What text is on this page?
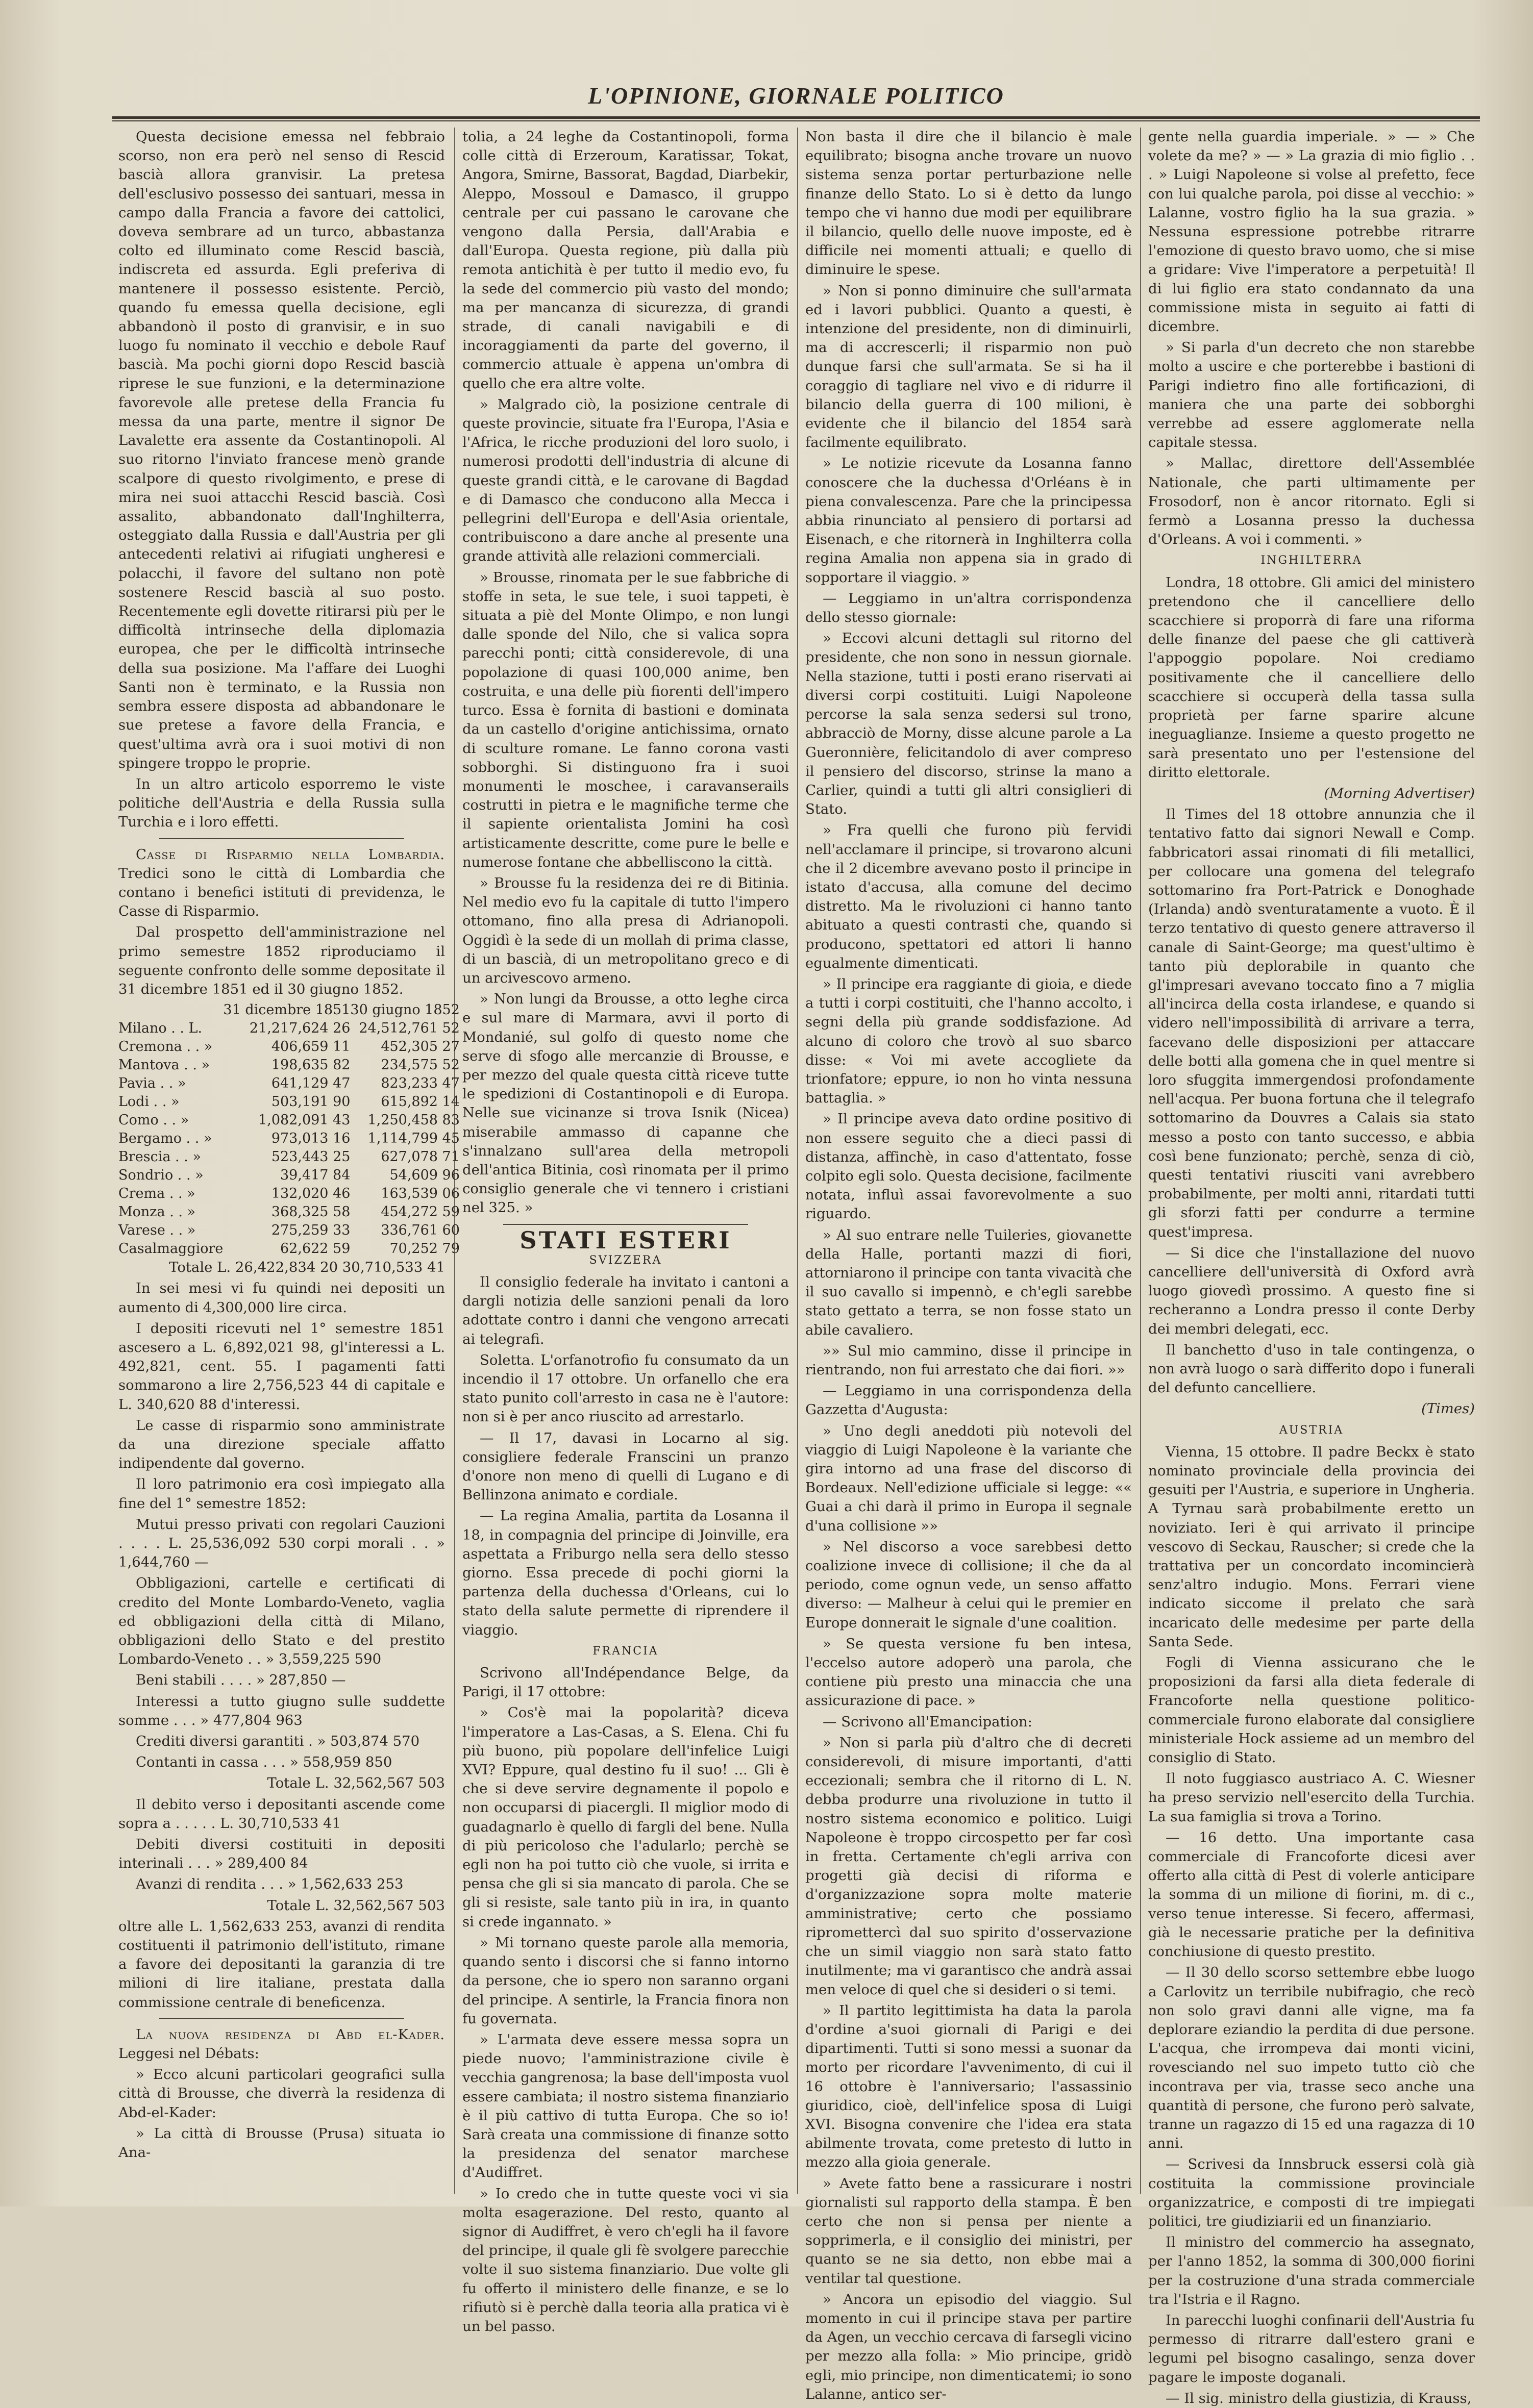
L'OPINIONE, GIORNALE POLITICO

Questa decisione emessa nel febbraio scorso, non era però nel senso di Rescid bascià allora granvisir. La pretesa dell'esclusivo possesso dei santuari, messa in campo dalla Francia a favore dei cattolici, doveva sembrare ad un turco, abbastanza colto ed illuminato come Rescid bascià, indiscreta ed assurda. Egli preferiva di mantenere il possesso esistente. Perciò, quando fu emessa quella decisione, egli abbandonò il posto di granvisir, e in suo luogo fu nominato il vecchio e debole Rauf bascià. Ma pochi giorni dopo Rescid bascià riprese le sue funzioni, e la determinazione favorevole alle pretese della Francia fu messa da una parte, mentre il signor De Lavalette era assente da Costantinopoli. Al suo ritorno l'inviato francese menò grande scalpore di questo rivolgimento, e prese di mira nei suoi attacchi Rescid bascià. Così assalito, abbandonato dall'Inghilterra, osteggiato dalla Russia e dall'Austria per gli antecedenti relativi ai rifugiati ungheresi e polacchi, il favore del sultano non potè sostenere Rescid bascià al suo posto. Recentemente egli dovette ritirarsi più per le difficoltà intrinseche della diplomazia europea, che per le difficoltà intrinseche della sua posizione. Ma l'affare dei Luoghi Santi non è terminato, e la Russia non sembra essere disposta ad abbandonare le sue pretese a favore della Francia, e quest'ultima avrà ora i suoi motivi di non spingere troppo le proprie.

In un altro articolo esporremo le viste politiche dell'Austria e della Russia sulla Turchia e i loro effetti.

Casse di Risparmio nella Lombardia. Tredici sono le città di Lombardia che contano i benefici istituti di previdenza, le Casse di Risparmio.

Dal prospetto dell'amministrazione nel primo semestre 1852 riproduciamo il seguente confronto delle somme depositate il 31 dicembre 1851 ed il 30 giugno 1852.

	31 dicembre 1851	30 giugno 1852
Milano . . L.	21,217,624 26	24,512,761 52
Cremona . . »	406,659 11	452,305 27
Mantova . . »	198,635 82	234,575 52
Pavia . . »	641,129 47	823,233 47
Lodi . . »	503,191 90	615,892 14
Como . . »	1,082,091 43	1,250,458 83
Bergamo . . »	973,013 16	1,114,799 45
Brescia . . »	523,443 25	627,078 71
Sondrio . . »	39,417 84	54,609 96
Crema . . »	132,020 46	163,539 06
Monza . . »	368,325 58	454,272 59
Varese . . »	275,259 33	336,761 60
Casalmaggiore	62,622 59	70,252 79

Totale L. 26,422,834 20 30,710,533 41

In sei mesi vi fu quindi nei depositi un aumento di 4,300,000 lire circa.

I depositi ricevuti nel 1° semestre 1851 ascesero a L. 6,892,021 98, gl'interessi a L. 492,821, cent. 55. I pagamenti fatti sommarono a lire 2,756,523 44 di capitale e L. 340,620 88 d'interessi.

Le casse di risparmio sono amministrate da una direzione speciale affatto indipendente dal governo.

Il loro patrimonio era così impiegato alla fine del 1° semestre 1852:

Mutui presso privati con regolari Cauzioni . . . . L. 25,536,092 530 corpi morali . . » 1,644,760 —

Obbligazioni, cartelle e certificati di credito del Monte Lombardo-Veneto, vaglia ed obbligazioni della città di Milano, obbligazioni dello Stato e del prestito Lombardo-Veneto . . » 3,559,225 590

Beni stabili . . . . » 287,850 —

Interessi a tutto giugno sulle suddette somme . . . » 477,804 963

Crediti diversi garantiti . » 503,874 570

Contanti in cassa . . . » 558,959 850

Totale L. 32,562,567 503

Il debito verso i depositanti ascende come sopra a . . . . . L. 30,710,533 41

Debiti diversi costituiti in depositi interinali . . . » 289,400 84

Avanzi di rendita . . . » 1,562,633 253

Totale L. 32,562,567 503

oltre alle L. 1,562,633 253, avanzi di rendita costituenti il patrimonio dell'istituto, rimane a favore dei depositanti la garanzia di tre milioni di lire italiane, prestata dalla commissione centrale di beneficenza.

La nuova residenza di Abd el-Kader. Leggesi nel Débats:

» Ecco alcuni particolari geografici sulla città di Brousse, che diverrà la residenza di Abd-el-Kader:

» La città di Brousse (Prusa) situata io Ana-

tolia, a 24 leghe da Costantinopoli, forma colle città di Erzeroum, Karatissar, Tokat, Angora, Smirne, Bassorat, Bagdad, Diarbekir, Aleppo, Mossoul e Damasco, il gruppo centrale per cui passano le carovane che vengono dalla Persia, dall'Arabia e dall'Europa. Questa regione, più dalla più remota antichità è per tutto il medio evo, fu la sede del commercio più vasto del mondo; ma per mancanza di sicurezza, di grandi strade, di canali navigabili e di incoraggiamenti da parte del governo, il commercio attuale è appena un'ombra di quello che era altre volte.

» Malgrado ciò, la posizione centrale di queste provincie, situate fra l'Europa, l'Asia e l'Africa, le ricche produzioni del loro suolo, i numerosi prodotti dell'industria di alcune di queste grandi città, e le carovane di Bagdad e di Damasco che conducono alla Mecca i pellegrini dell'Europa e dell'Asia orientale, contribuiscono a dare anche al presente una grande attività alle relazioni commerciali.

» Brousse, rinomata per le sue fabbriche di stoffe in seta, le sue tele, i suoi tappeti, è situata a piè del Monte Olimpo, e non lungi dalle sponde del Nilo, che si valica sopra parecchi ponti; città considerevole, di una popolazione di quasi 100,000 anime, ben costruita, e una delle più fiorenti dell'impero turco. Essa è fornita di bastioni e dominata da un castello d'origine antichissima, ornato di sculture romane. Le fanno corona vasti sobborghi. Si distinguono fra i suoi monumenti le moschee, i caravanserails costrutti in pietra e le magnifiche terme che il sapiente orientalista Jomini ha così artisticamente descritte, come pure le belle e numerose fontane che abbelliscono la città.

» Brousse fu la residenza dei re di Bitinia. Nel medio evo fu la capitale di tutto l'impero ottomano, fino alla presa di Adrianopoli. Oggidì è la sede di un mollah di prima classe, di un bascià, di un metropolitano greco e di un arcivescovo armeno.

» Non lungi da Brousse, a otto leghe circa e sul mare di Marmara, avvi il porto di Mondanié, sul golfo di questo nome che serve di sfogo alle mercanzie di Brousse, e per mezzo del quale questa città riceve tutte le spedizioni di Costantinopoli e di Europa. Nelle sue vicinanze si trova Isnik (Nicea) miserabile ammasso di capanne che s'innalzano sull'area della metropoli dell'antica Bitinia, così rinomata per il primo consiglio generale che vi tennero i cristiani nel 325. »

STATI ESTERI
SVIZZERA

Il consiglio federale ha invitato i cantoni a dargli notizia delle sanzioni penali da loro adottate contro i danni che vengono arrecati ai telegrafi.

Soletta. L'orfanotrofio fu consumato da un incendio il 17 ottobre. Un orfanello che era stato punito coll'arresto in casa ne è l'autore: non si è per anco riuscito ad arrestarlo.

— Il 17, davasi in Locarno al sig. consigliere federale Franscini un pranzo d'onore non meno di quelli di Lugano e di Bellinzona animato e cordiale.

— La regina Amalia, partita da Losanna il 18, in compagnia del principe di Joinville, era aspettata a Friburgo nella sera dello stesso giorno. Essa precede di pochi giorni la partenza della duchessa d'Orleans, cui lo stato della salute permette di riprendere il viaggio.

FRANCIA

Scrivono all'Indépendance Belge, da Parigi, il 17 ottobre:

» Cos'è mai la popolarità? diceva l'imperatore a Las-Casas, a S. Elena. Chi fu più buono, più popolare dell'infelice Luigi XVI? Eppure, qual destino fu il suo! ... Gli è che si deve servire degnamente il popolo e non occuparsi di piacergli. Il miglior modo di guadagnarlo è quello di fargli del bene. Nulla di più pericoloso che l'adularlo; perchè se egli non ha poi tutto ciò che vuole, si irrita e pensa che gli si sia mancato di parola. Che se gli si resiste, sale tanto più in ira, in quanto si crede ingannato. »

» Mi tornano queste parole alla memoria, quando sento i discorsi che si fanno intorno da persone, che io spero non saranno organi del principe. A sentirle, la Francia finora non fu governata.

» L'armata deve essere messa sopra un piede nuovo; l'amministrazione civile è vecchia gangrenosa; la base dell'imposta vuol essere cambiata; il nostro sistema finanziario è il più cattivo di tutta Europa. Che so io! Sarà creata una commissione di finanze sotto la presidenza del senator marchese d'Audiffret.

» Io credo che in tutte queste voci vi sia molta esagerazione. Del resto, quanto al signor di Audiffret, è vero ch'egli ha il favore del principe, il quale gli fè svolgere parecchie volte il suo sistema finanziario. Due volte gli fu offerto il ministero delle finanze, e se lo rifiutò si è perchè dalla teoria alla pratica vi è un bel passo.

Non basta il dire che il bilancio è male equilibrato; bisogna anche trovare un nuovo sistema senza portar perturbazione nelle finanze dello Stato. Lo si è detto da lungo tempo che vi hanno due modi per equilibrare il bilancio, quello delle nuove imposte, ed è difficile nei momenti attuali; e quello di diminuire le spese.

» Non si ponno diminuire che sull'armata ed i lavori pubblici. Quanto a questi, è intenzione del presidente, non di diminuirli, ma di accrescerli; il risparmio non può dunque farsi che sull'armata. Se si ha il coraggio di tagliare nel vivo e di ridurre il bilancio della guerra di 100 milioni, è evidente che il bilancio del 1854 sarà facilmente equilibrato.

» Le notizie ricevute da Losanna fanno conoscere che la duchessa d'Orléans è in piena convalescenza. Pare che la principessa abbia rinunciato al pensiero di portarsi ad Eisenach, e che ritornerà in Inghilterra colla regina Amalia non appena sia in grado di sopportare il viaggio. »

— Leggiamo in un'altra corrispondenza dello stesso giornale:

» Eccovi alcuni dettagli sul ritorno del presidente, che non sono in nessun giornale. Nella stazione, tutti i posti erano riservati ai diversi corpi costituiti. Luigi Napoleone percorse la sala senza sedersi sul trono, abbracciò de Morny, disse alcune parole a La Gueronnière, felicitandolo di aver compreso il pensiero del discorso, strinse la mano a Carlier, quindi a tutti gli altri consiglieri di Stato.

» Fra quelli che furono più fervidi nell'acclamare il principe, si trovarono alcuni che il 2 dicembre avevano posto il principe in istato d'accusa, alla comune del decimo distretto. Ma le rivoluzioni ci hanno tanto abituato a questi contrasti che, quando si producono, spettatori ed attori li hanno egualmente dimenticati.

» Il principe era raggiante di gioia, e diede a tutti i corpi costituiti, che l'hanno accolto, i segni della più grande soddisfazione. Ad alcuno di coloro che trovò al suo sbarco disse: « Voi mi avete accogliete da trionfatore; eppure, io non ho vinta nessuna battaglia. »

» Il principe aveva dato ordine positivo di non essere seguito che a dieci passi di distanza, affinchè, in caso d'attentato, fosse colpito egli solo. Questa decisione, facilmente notata, influì assai favorevolmente a suo riguardo.

» Al suo entrare nelle Tuileries, giovanette della Halle, portanti mazzi di fiori, attorniarono il principe con tanta vivacità che il suo cavallo si impennò, e ch'egli sarebbe stato gettato a terra, se non fosse stato un abile cavaliero.

»» Sul mio cammino, disse il principe in rientrando, non fui arrestato che dai fiori. »»

— Leggiamo in una corrispondenza della Gazzetta d'Augusta:

» Uno degli aneddoti più notevoli del viaggio di Luigi Napoleone è la variante che gira intorno ad una frase del discorso di Bordeaux. Nell'edizione ufficiale si legge: «« Guai a chi darà il primo in Europa il segnale d'una collisione »»

» Nel discorso a voce sarebbesi detto coalizione invece di collisione; il che da al periodo, come ognun vede, un senso affatto diverso: — Malheur à celui qui le premier en Europe donnerait le signale d'une coalition.

» Se questa versione fu ben intesa, l'eccelso autore adoperò una parola, che contiene più presto una minaccia che una assicurazione di pace. »

— Scrivono all'Emancipation:

» Non si parla più d'altro che di decreti considerevoli, di misure importanti, d'atti eccezionali; sembra che il ritorno di L. N. debba produrre una rivoluzione in tutto il nostro sistema economico e politico. Luigi Napoleone è troppo circospetto per far così in fretta. Certamente ch'egli arriva con progetti già decisi di riforma e d'organizzazione sopra molte materie amministrative; certo che possiamo ripromettercì dal suo spirito d'osservazione che un simil viaggio non sarà stato fatto inutilmente; ma vi garantisco che andrà assai men veloce di quel che si desideri o si temi.

» Il partito legittimista ha data la parola d'ordine a'suoi giornali di Parigi e dei dipartimenti. Tutti si sono messi a suonar da morto per ricordare l'avvenimento, di cui il 16 ottobre è l'anniversario; l'assassinio giuridico, cioè, dell'infelice sposa di Luigi XVI. Bisogna convenire che l'idea era stata abilmente trovata, come pretesto di lutto in mezzo alla gioia generale.

» Avete fatto bene a rassicurare i nostri giornalisti sul rapporto della stampa. È ben certo che non si pensa per niente a sopprimerla, e il consiglio dei ministri, per quanto se ne sia detto, non ebbe mai a ventilar tal questione.

» Ancora un episodio del viaggio. Sul momento in cui il principe stava per partire da Agen, un vecchio cercava di farsegli vicino per mezzo alla folla: » Mio principe, gridò egli, mio principe, non dimenticatemi; io sono Lalanne, antico ser-

gente nella guardia imperiale. » — » Che volete da me? » — » La grazia di mio figlio . . . » Luigi Napoleone si volse al prefetto, fece con lui qualche parola, poi disse al vecchio: » Lalanne, vostro figlio ha la sua grazia. » Nessuna espressione potrebbe ritrarre l'emozione di questo bravo uomo, che si mise a gridare: Vive l'imperatore a perpetuità! Il di lui figlio era stato condannato da una commissione mista in seguito ai fatti di dicembre.

» Si parla d'un decreto che non starebbe molto a uscire e che porterebbe i bastioni di Parigi indietro fino alle fortificazioni, di maniera che una parte dei sobborghi verrebbe ad essere agglomerate nella capitale stessa.

» Mallac, direttore dell'Assemblée Nationale, che parti ultimamente per Frosodorf, non è ancor ritornato. Egli si fermò a Losanna presso la duchessa d'Orleans. A voi i commenti. »

INGHILTERRA

Londra, 18 ottobre. Gli amici del ministero pretendono che il cancelliere dello scacchiere si proporrà di fare una riforma delle finanze del paese che gli cattiverà l'appoggio popolare. Noi crediamo positivamente che il cancelliere dello scacchiere si occuperà della tassa sulla proprietà per farne sparire alcune ineguaglianze. Insieme a questo progetto ne sarà presentato uno per l'estensione del diritto elettorale.

(Morning Advertiser)

Il Times del 18 ottobre annunzia che il tentativo fatto dai signori Newall e Comp. fabbricatori assai rinomati di fili metallici, per collocare una gomena del telegrafo sottomarino fra Port-Patrick e Donoghade (Irlanda) andò sventuratamente a vuoto. È il terzo tentativo di questo genere attraverso il canale di Saint-George; ma quest'ultimo è tanto più deplorabile in quanto che gl'impresari avevano toccato fino a 7 miglia all'incirca della costa irlandese, e quando si videro nell'impossibilità di arrivare a terra, facevano delle disposizioni per attaccare delle botti alla gomena che in quel mentre si loro sfuggita immergendosi profondamente nell'acqua. Per buona fortuna che il telegrafo sottomarino da Douvres a Calais sia stato messo a posto con tanto successo, e abbia così bene funzionato; perchè, senza di ciò, questi tentativi riusciti vani avrebbero probabilmente, per molti anni, ritardati tutti gli sforzi fatti per condurre a termine quest'impresa.

— Si dice che l'installazione del nuovo cancelliere dell'università di Oxford avrà luogo giovedì prossimo. A questo fine si recheranno a Londra presso il conte Derby dei membri delegati, ecc.

Il banchetto d'uso in tale contingenza, o non avrà luogo o sarà differito dopo i funerali del defunto cancelliere.

(Times)

AUSTRIA

Vienna, 15 ottobre. Il padre Beckx è stato nominato provinciale della provincia dei gesuiti per l'Austria, e superiore in Ungheria. A Tyrnau sarà probabilmente eretto un noviziato. Ieri è qui arrivato il principe vescovo di Seckau, Rauscher; si crede che la trattativa per un concordato incomincierà senz'altro indugio. Mons. Ferrari viene indicato siccome il prelato che sarà incaricato delle medesime per parte della Santa Sede.

Fogli di Vienna assicurano che le proposizioni da farsi alla dieta federale di Francoforte nella questione politico-commerciale furono elaborate dal consigliere ministeriale Hock assieme ad un membro del consiglio di Stato.

Il noto fuggiasco austriaco A. C. Wiesner ha preso servizio nell'esercito della Turchia. La sua famiglia si trova a Torino.

— 16 detto. Una importante casa commerciale di Francoforte dicesi aver offerto alla città di Pest di volerle anticipare la somma di un milione di fiorini, m. di c., verso tenue interesse. Si fecero, affermasi, già le necessarie pratiche per la definitiva conchiusione di questo prestito.

— Il 30 dello scorso settembre ebbe luogo a Carlovitz un terribile nubifragio, che recò non solo gravi danni alle vigne, ma fa deplorare eziandio la perdita di due persone. L'acqua, che irrompeva dai monti vicini, rovesciando nel suo impeto tutto ciò che incontrava per via, trasse seco anche una quantità di persone, che furono però salvate, tranne un ragazzo di 15 ed una ragazza di 10 anni.

— Scrivesi da Innsbruck essersi colà già costituita la commissione provinciale organizzatrice, e composti di tre impiegati politici, tre giudiziarii ed un finanziario.

Il ministro del commercio ha assegnato, per l'anno 1852, la somma di 300,000 fiorini per la costruzione d'una strada commerciale tra l'Istria e il Ragno.

In parecchi luoghi confinarii dell'Austria fu permesso di ritrarre dall'estero grani e legumi pel bisogno casalingo, senza dover pagare le imposte doganali.

— Il sig. ministro della giustizia, di Krauss,
